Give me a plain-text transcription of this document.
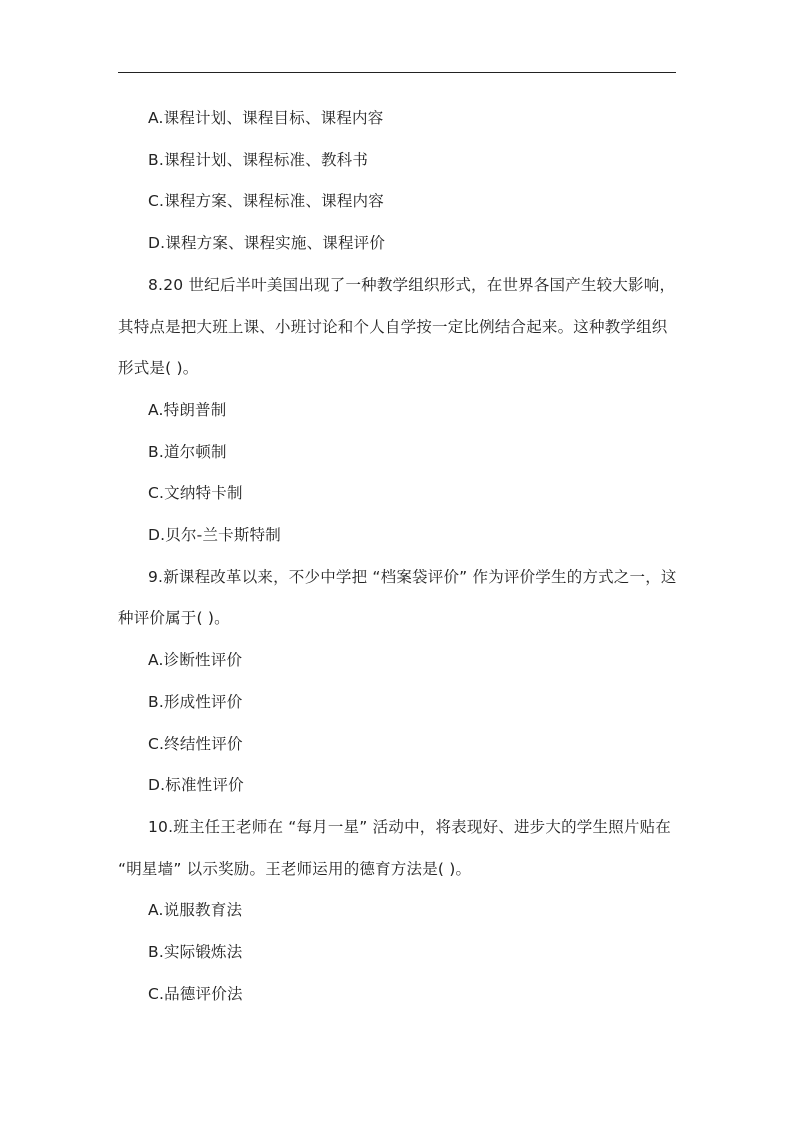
A.课程计划、课程目标、课程内容

B.课程计划、课程标准、教科书

C.课程方案、课程标准、课程内容

D.课程方案、课程实施、课程评价

8.20 世纪后半叶美国出现了一种教学组织形式，在世界各国产生较大影响，其特点是把大班上课、小班讨论和个人自学按一定比例结合起来。这种教学组织形式是( )。

A.特朗普制

B.道尔顿制

C.文纳特卡制

D.贝尔-兰卡斯特制

9.新课程改革以来，不少中学把 “档案袋评价” 作为评价学生的方式之一，这种评价属于( )。

A.诊断性评价

B.形成性评价

C.终结性评价

D.标准性评价

10.班主任王老师在 “每月一星” 活动中，将表现好、进步大的学生照片贴在 “明星墙” 以示奖励。王老师运用的德育方法是( )。

A.说服教育法

B.实际锻炼法

C.品德评价法
